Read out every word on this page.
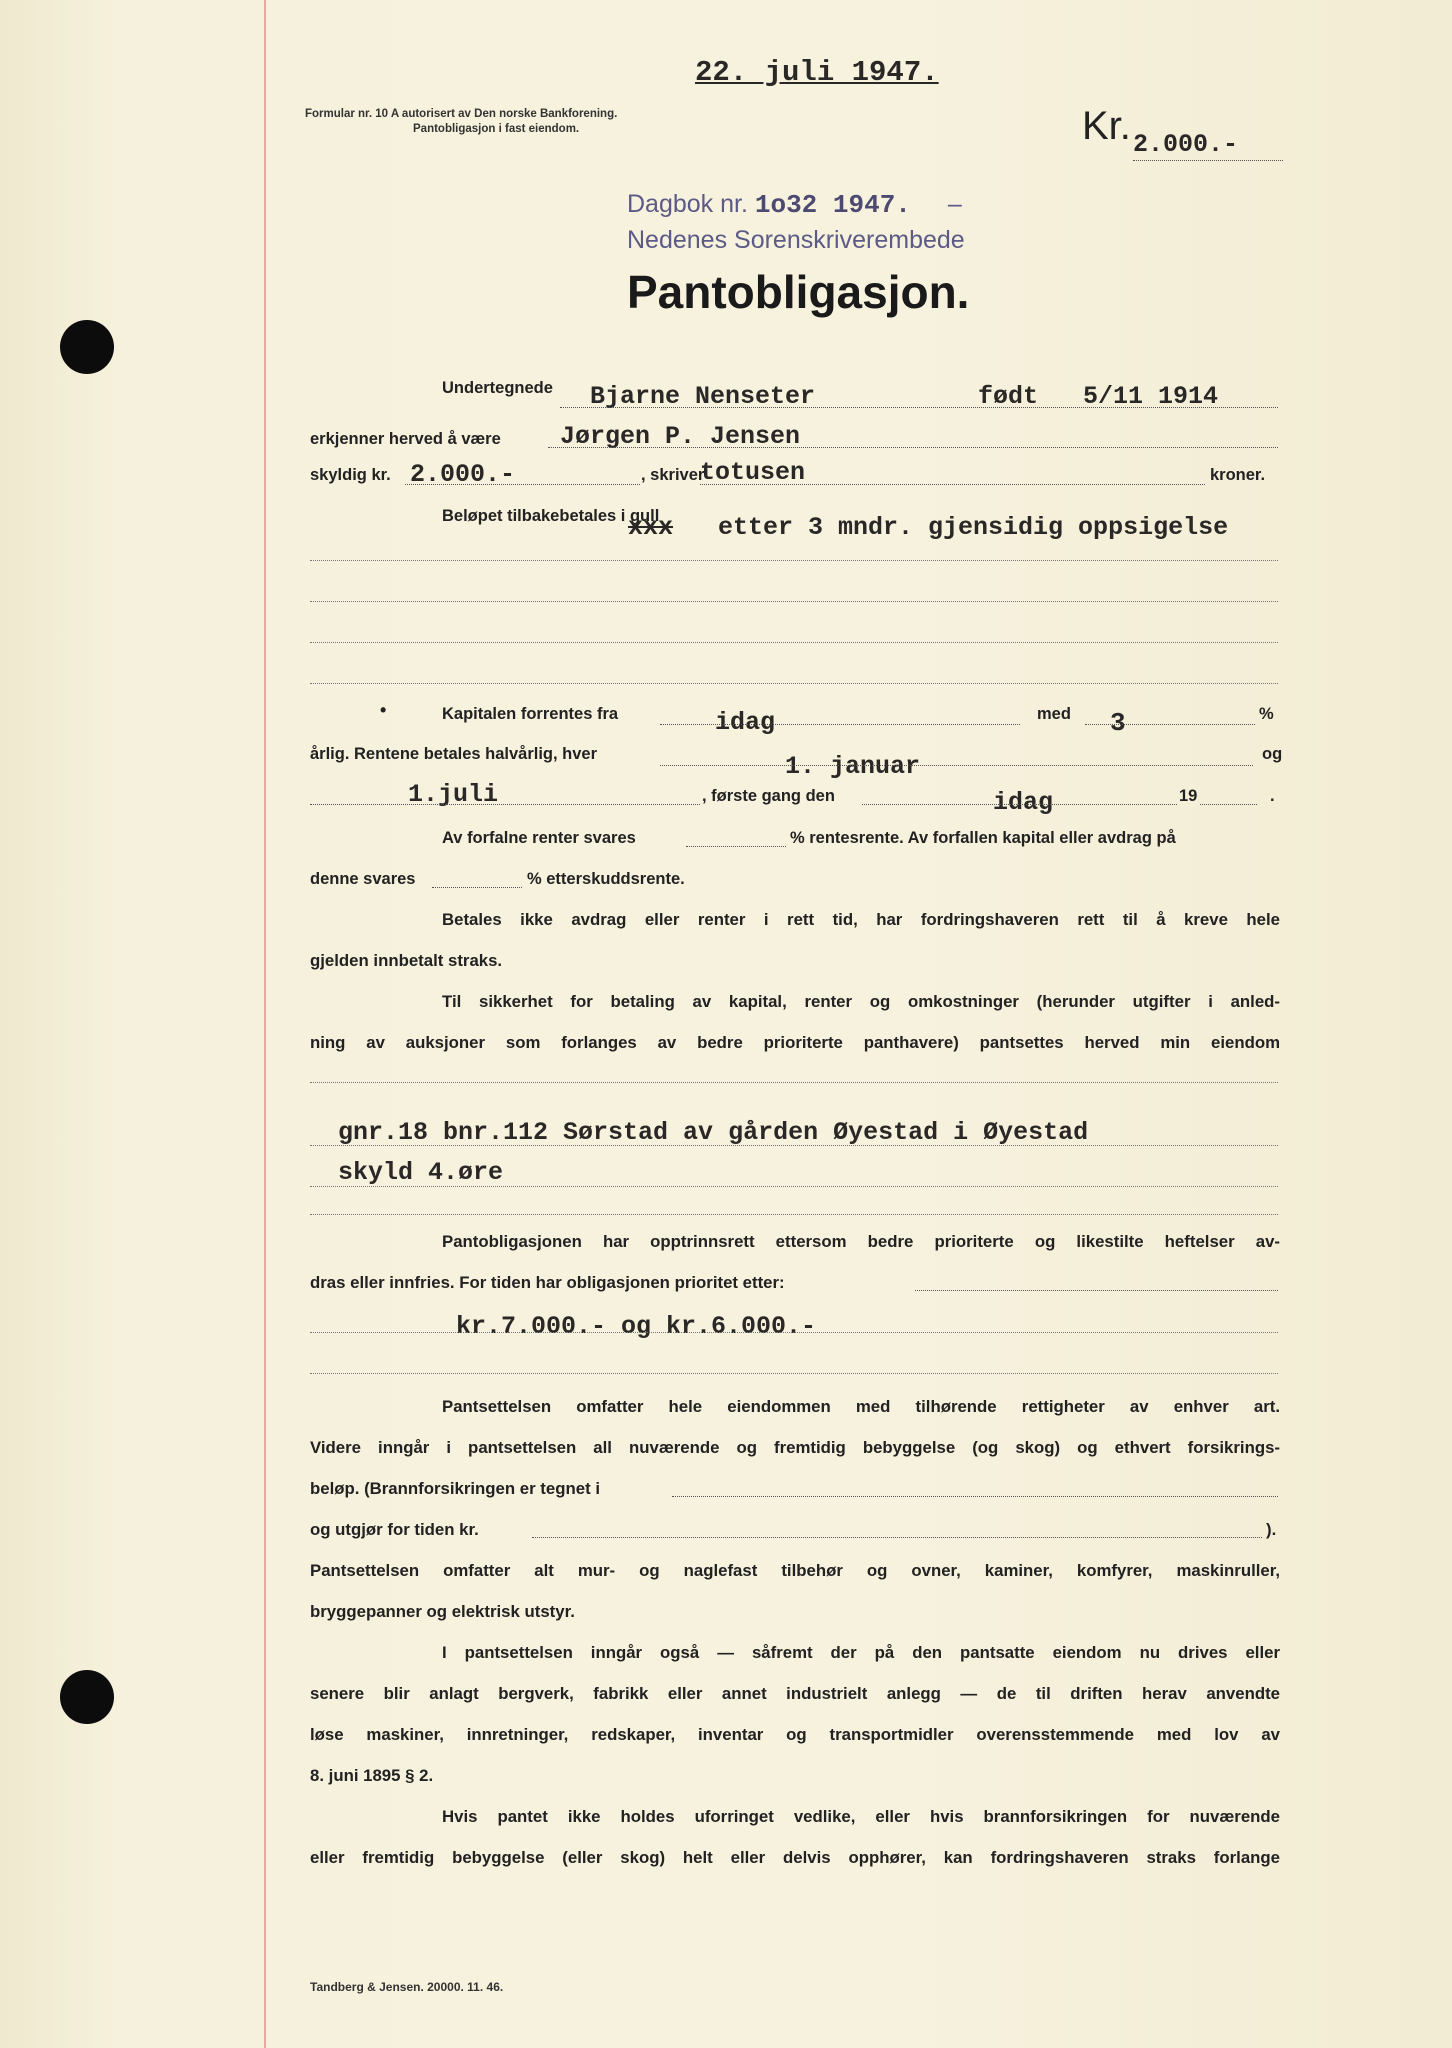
22. juli 1947.
Formular nr. 10 A autorisert av Den norske Bankforening.
Pantobligasjon i fast eiendom.	Kr. 2.000.-
Dagbok nr. 1o32 1947. –
Nedenes Sorenskriverembede
Pantobligasjon.
Undertegnede Bjarne Nenseter	født 5/11 1914
erkjenner herved å være Jørgen P. Jensen
skyldig kr. 2.000.-	, skriver
totusen	kroner.
Beløpet tilbakebetales i gull
xxx etter 3 mndr. gjensidig oppsigelse
•	Kapitalen forrentes fra	idag	med 3	%
årlig. Rentene betales halvårlig, hver	1. januar	og
1.juli	, første gang den	idag	19	.
Av forfalne renter svares	% rentesrente. Av forfallen kapital eller avdrag på
denne svares	% etterskuddsrente.
Betales ikke avdrag eller renter i rett tid, har fordringshaveren rett til å kreve hele
gjelden innbetalt straks.
Til sikkerhet for betaling av kapital, renter og omkostninger (herunder utgifter i anled-
ning av auksjoner som forlanges av bedre prioriterte panthavere) pantsettes herved min eiendom
gnr.18 bnr.112 Sørstad av gården Øyestad i Øyestad
skyld 4.øre
Pantobligasjonen har opptrinnsrett ettersom bedre prioriterte og likestilte heftelser av-
dras eller innfries. For tiden har obligasjonen prioritet etter:
kr.7.000.- og kr.6.000.-
Pantsettelsen omfatter hele eiendommen med tilhørende rettigheter av enhver art.
Videre inngår i pantsettelsen all nuværende og fremtidig bebyggelse (og skog) og ethvert forsikrings-
beløp. (Brannforsikringen er tegnet i
og utgjør for tiden kr.	).
Pantsettelsen omfatter alt mur- og naglefast tilbehør og ovner, kaminer, komfyrer, maskinruller,
bryggepanner og elektrisk utstyr.
I pantsettelsen inngår også — såfremt der på den pantsatte eiendom nu drives eller
senere blir anlagt bergverk, fabrikk eller annet industrielt anlegg — de til driften herav anvendte
løse maskiner, innretninger, redskaper, inventar og transportmidler overensstemmende med lov av
8. juni 1895 § 2.
Hvis pantet ikke holdes uforringet vedlike, eller hvis brannforsikringen for nuværende
eller fremtidig bebyggelse (eller skog) helt eller delvis opphører, kan fordringshaveren straks forlange
Tandberg & Jensen. 20000. 11. 46.
